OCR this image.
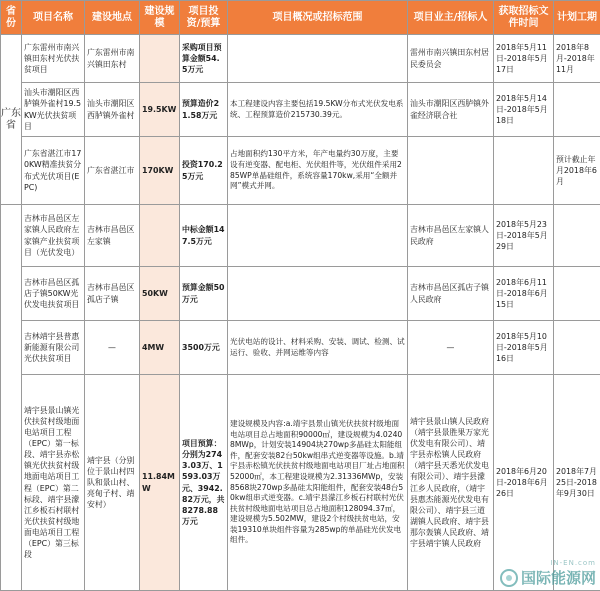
省份	项目名称	建设地点	建设规模	项目投资/预算	项目概况或招标范围	项目业主/招标人	获取招标文件时间	计划工期
广东省	广东雷州市南兴镇田东村光伏扶贫项目	广东雷州市南兴镇田东村		采购项目预算金额54.5万元		雷州市南兴镇田东村居民委员会	2018年5月11日-2018年5月17日	2018年8月-2018年11月
	汕头市潮阳区西胪镇外雀村19.5KW光伏扶贫项目	汕头市潮阳区西胪镇外雀村	19.5KW	预算造价21.58万元	本工程建设内容主要包括19.5KW分布式光伏发电系统、工程预算造价215730.39元。	汕头市潮阳区西胪镇外雀经济联合社	2018年5月14日-2018年5月18日	
	广东省湛江市170KW精准扶贫分布式光伏项目(EPC)	广东省湛江市	170KW	投资170.25万元	占地面积约130平方米，年产电量约30万度，主要设有逆变器、配电柜、光伏组件等，光伏组件采用285WP单晶硅组件，系统容量170kw,采用“全额并网”模式并网。			预计截止年月2018年6月
	吉林市昌邑区左家镇人民政府左家镇产业扶贫项目（光伏发电）	吉林市昌邑区左家镇		中标金额147.5万元		吉林市昌邑区左家镇人民政府	2018年5月23日-2018年5月29日	
	吉林市昌邑区孤店子镇50KW光伏发电扶贫项目	吉林市昌邑区孤店子镇	50KW	预算金额50万元		吉林市昌邑区孤店子镇人民政府	2018年6月11日-2018年6月15日	
	吉林靖宇县普惠新能源有限公司光伏扶贫项目	—	4MW	3500万元	光伏电站的设计、材料采购、安装、调试、检测、试运行、验收、并网运维等内容	—	2018年5月10日-2018年5月16日	
	靖宇县景山镇光伏扶贫村级地面电站项目工程（EPC）第一标段、靖宇县赤松镇光伏扶贫村级地面电站项目工程（EPC）第二标段、靖宇县濛江乡板石村联村光伏扶贫村级地面电站项目工程（EPC）第三标段	靖宇县（分别位于景山村四队和景山村、亮甸子村、靖安村）	11.84MW	项目预算：分别为2743.03万、1593.03万元、3942.82万元，共8278.88万元	建设规模及内容:a.靖宇县景山镇光伏扶贫村级地面电站项目总占地面积90000㎡，建设规模为4.02408MWp，计划安装14904块270wp多晶硅太阳能组件，配套安装82台50kw组串式逆变器等设施。b.靖宇县赤松镇光伏扶贫村级地面电站项目厂址占地面积52000㎡，本工程建设规模为2.31336MWp，安装8568块270wp多晶硅太阳能组件，配套安装48台50kw组串式逆变器。c.靖宇县濛江乡板石村联村光伏扶贫村级地面电站项目总占地面积128094.37㎡，建设规模为5.502MW，建设2个村级扶贫电站，安装19310单块组件容量为285wp的单晶硅光伏发电组件。	靖宇县景山镇人民政府（靖宇县景胜果万家光伏发电有限公司）、靖宇县赤松镇人民政府（靖宇县天悉光伏发电有限公司）、靖宇县濛江乡人民政府，（靖宇县惠杰能源光伏发电有限公司）、靖宇县三道湖镇人民政府、靖宇县那尔轰镇人民政府、靖宇县靖宇镇人民政府	2018年6月20日-2018年6月26日	2018年7月25日-2018年9月30日
IN-EN.com
国际能源网
